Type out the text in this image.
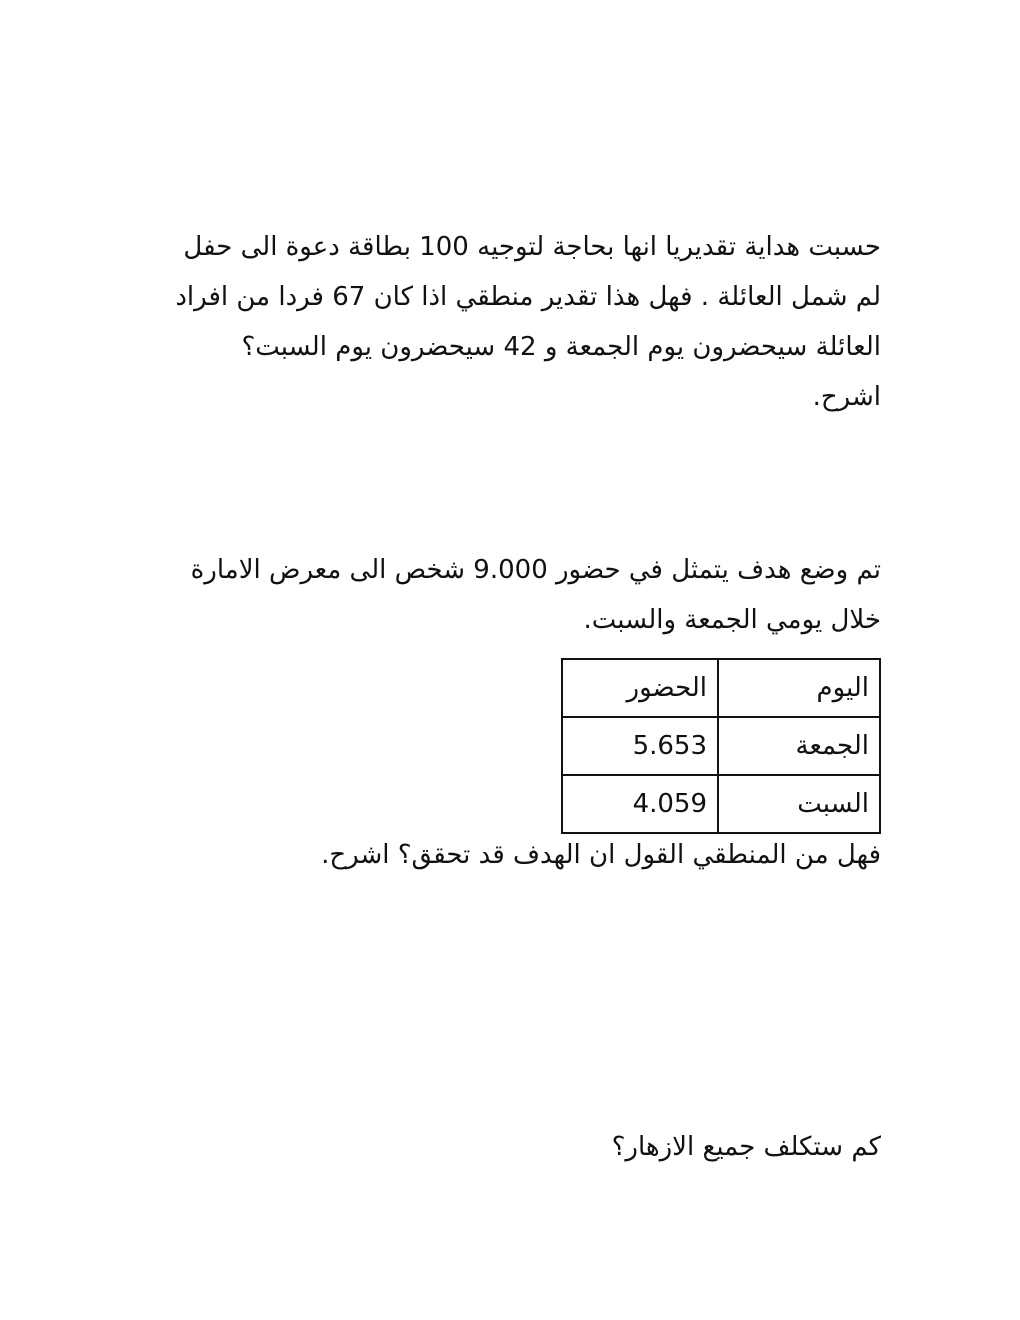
حسبت هداية تقديريا انها بحاجة لتوجيه 100 بطاقة دعوة الى حفل لم شمل العائلة . فهل هذا تقدير منطقي اذا كان 67 فردا من افراد العائلة سيحضرون يوم الجمعة و 42 سيحضرون يوم السبت؟ اشرح.
تم وضع هدف يتمثل في حضور 9.000 شخص الى معرض الامارة خلال يومي الجمعة والسبت.
اليوم	الحضور
الجمعة	5.653
السبت	4.059
فهل من المنطقي القول ان الهدف قد تحقق؟ اشرح.
كم ستكلف جميع الازهار؟
